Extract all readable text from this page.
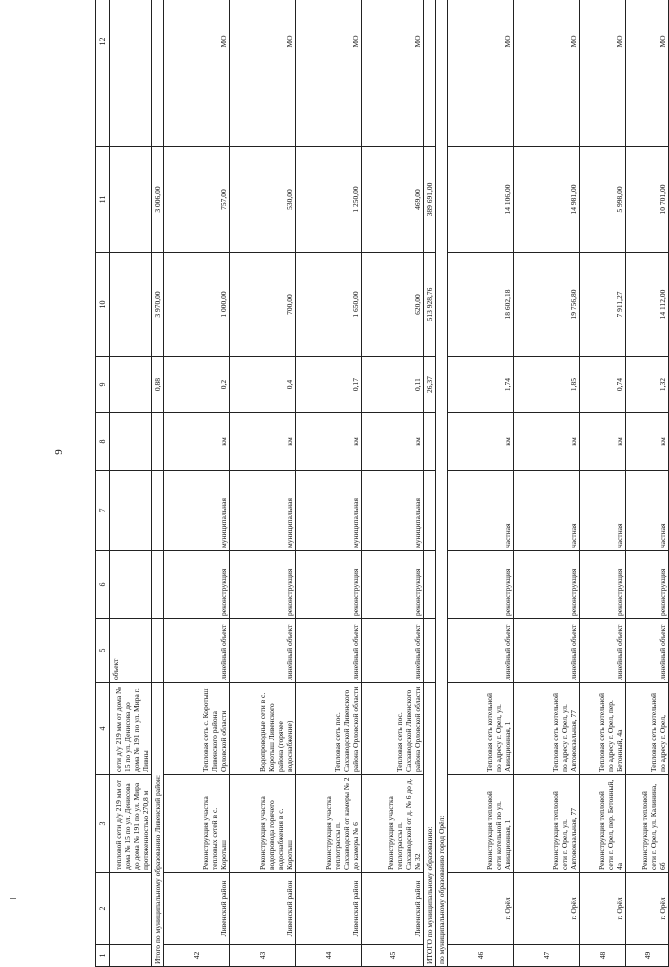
9
1	2	3	4	5	6	7	8	9	10	11	12
		тепловой сети д/у 219 мм от дома № 15 по ул. Денисова до дома № 191 по ул. Мира протяженностью 270,8 м	сети д/у 219 мм от дома № 15 по ул. Денисова до дома № 191 по ул. Мира г. Ливны	объект							
Итого по муниципальному образованию Ливенский район:								0,88	3 970,00	3 006,00	
42	Ливенский район	Реконструкция участка тепловых сетей в с. Коротыш	Тепловая сеть с. Коротыш Ливенского района Орловской области	линейный объект	реконструкция	муниципальная	км	0,2	1 000,00	757,00	МО
43	Ливенский район	Реконструкция участка водопровода горячего водоснабжения в с. Коротыш	Водопроводные сети в с. Коротыш Ливенского района (горячее водоснабжение)	линейный объект	реконструкция	муниципальная	км	0,4	700,00	530,00	МО
44	Ливенский район	Реконструкция участка теплотрассы п. Сахзаводской от камеры № 2 до камеры № 6	Тепловая сеть пос. Сахзаводской Ливенского района Орловской области	линейный объект	реконструкция	муниципальная	км	0,17	1 650,00	1 250,00	МО
45	Ливенский район	Реконструкция участка теплотрассы п. Сахзаводской от д. № 6 до д. № 32	Тепловая сеть пос. Сахзаводской Ливенского района Орловской области	линейный объект	реконструкция	муниципальная	км	0,11	620,00	469,00	МО
ИТОГО по муниципальному образованию:								26,37	513 928,76	389 691,00	
по муниципальному образованию город Орёл:											
46	г. Орёл	Реконструкция тепловой сети котельной по ул. Авиационная, 1	Тепловая сеть котельной по адресу г. Орел, ул. Авиационная, 1	линейный объект	реконструкция	частная	км	1,74	18 602,18	14 106,00	МО
47	г. Орёл	Реконструкция тепловой сети г. Орел, ул. Автовокзальная, 77	Тепловая сеть котельной по адресу г. Орел, ул. Автовокзальная, 77	линейный объект	реконструкция	частная	км	1,85	19 756,80	14 981,00	МО
48	г. Орёл	Реконструкция тепловой сети г. Орел, пер. Бетонный, 4а	Тепловая сеть котельной по адресу г. Орел, пер. Бетонный, 4а	линейный объект	реконструкция	частная	км	0,74	7 911,27	5 998,00	МО
49	г. Орёл	Реконструкция тепловой сети г. Орел, ул. Калинина, 6б	Тепловая сеть котельной по адресу г. Орел,	линейный объект	реконструкция	частная	км	1,32	14 112,00	10 701,00	МО
